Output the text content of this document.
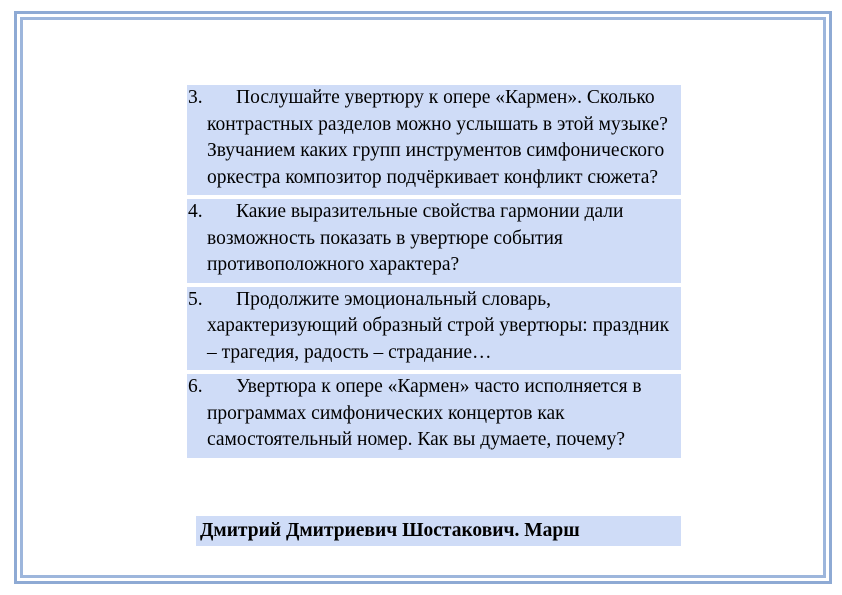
3.	Послушайте увертюру к опере «Кармен». Сколько контрастных разделов можно услышать в этой музыке? Звучанием каких групп инструментов симфонического оркестра композитор подчёркивает конфликт сюжета?
4.	Какие выразительные свойства гармонии дали возможность показать в увертюре события противоположного характера?
5.	Продолжите эмоциональный словарь, характеризующий образный строй увертюры: праздник – трагедия, радость – страдание…
6.	Увертюра к опере «Кармен» часто исполняется в программах симфонических концертов как самостоятельный номер. Как вы думаете, почему?
Дмитрий Дмитриевич Шостакович. Марш
